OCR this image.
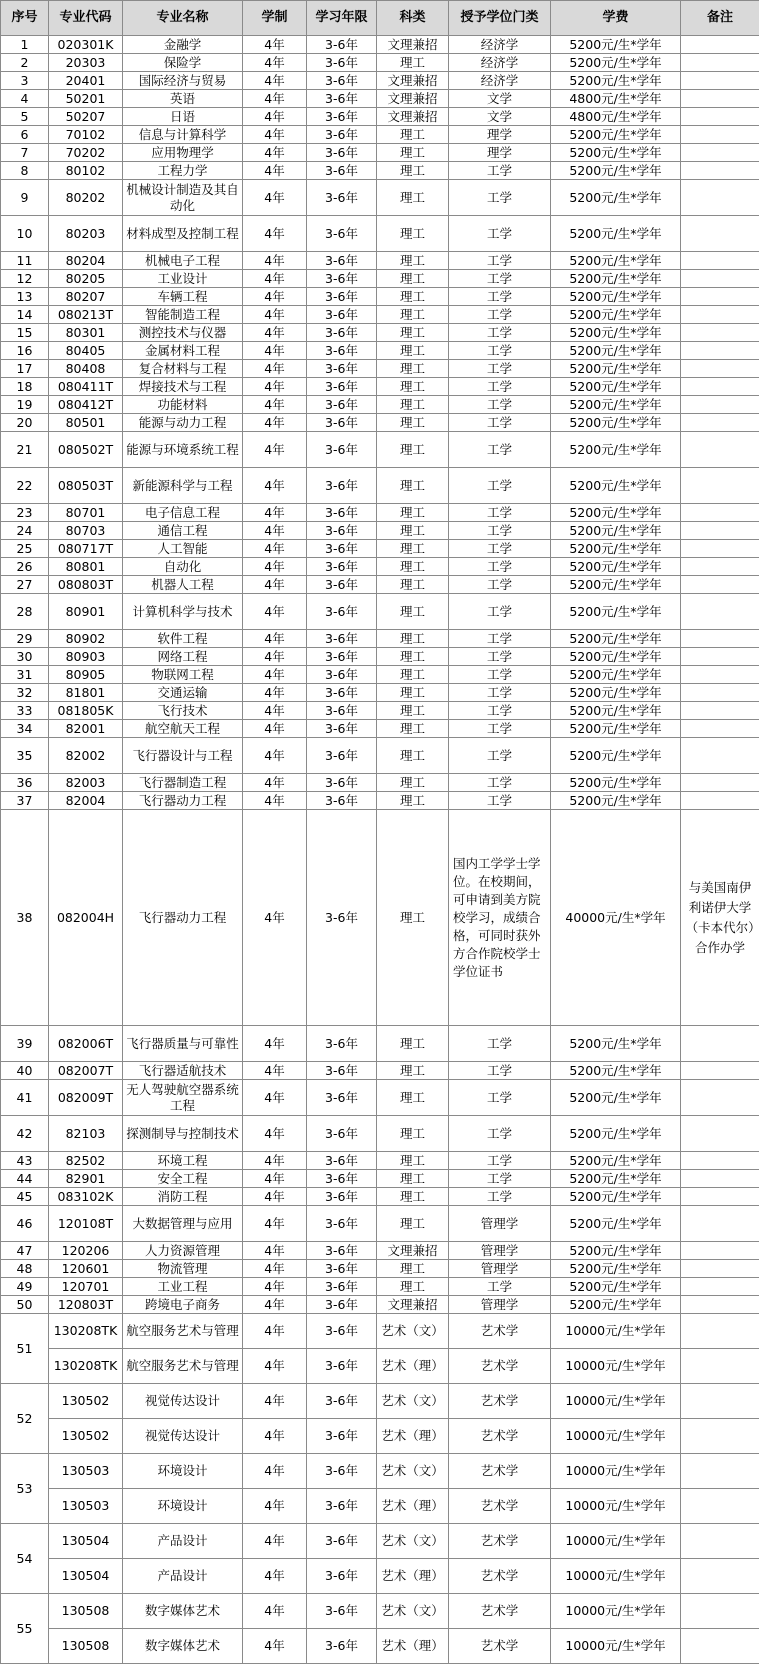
序号	专业代码	专业名称	学制	学习年限	科类	授予学位门类	学费	备注
1	020301K	金融学	4年	3-6年	文理兼招	经济学	5200元/生*学年	
2	20303	保险学	4年	3-6年	理工	经济学	5200元/生*学年	
3	20401	国际经济与贸易	4年	3-6年	文理兼招	经济学	5200元/生*学年	
4	50201	英语	4年	3-6年	文理兼招	文学	4800元/生*学年	
5	50207	日语	4年	3-6年	文理兼招	文学	4800元/生*学年	
6	70102	信息与计算科学	4年	3-6年	理工	理学	5200元/生*学年	
7	70202	应用物理学	4年	3-6年	理工	理学	5200元/生*学年	
8	80102	工程力学	4年	3-6年	理工	工学	5200元/生*学年	
9	80202	机械设计制造及其自动化	4年	3-6年	理工	工学	5200元/生*学年	
10	80203	材料成型及控制工程	4年	3-6年	理工	工学	5200元/生*学年	
11	80204	机械电子工程	4年	3-6年	理工	工学	5200元/生*学年	
12	80205	工业设计	4年	3-6年	理工	工学	5200元/生*学年	
13	80207	车辆工程	4年	3-6年	理工	工学	5200元/生*学年	
14	080213T	智能制造工程	4年	3-6年	理工	工学	5200元/生*学年	
15	80301	测控技术与仪器	4年	3-6年	理工	工学	5200元/生*学年	
16	80405	金属材料工程	4年	3-6年	理工	工学	5200元/生*学年	
17	80408	复合材料与工程	4年	3-6年	理工	工学	5200元/生*学年	
18	080411T	焊接技术与工程	4年	3-6年	理工	工学	5200元/生*学年	
19	080412T	功能材料	4年	3-6年	理工	工学	5200元/生*学年	
20	80501	能源与动力工程	4年	3-6年	理工	工学	5200元/生*学年	
21	080502T	能源与环境系统工程	4年	3-6年	理工	工学	5200元/生*学年	
22	080503T	新能源科学与工程	4年	3-6年	理工	工学	5200元/生*学年	
23	80701	电子信息工程	4年	3-6年	理工	工学	5200元/生*学年	
24	80703	通信工程	4年	3-6年	理工	工学	5200元/生*学年	
25	080717T	人工智能	4年	3-6年	理工	工学	5200元/生*学年	
26	80801	自动化	4年	3-6年	理工	工学	5200元/生*学年	
27	080803T	机器人工程	4年	3-6年	理工	工学	5200元/生*学年	
28	80901	计算机科学与技术	4年	3-6年	理工	工学	5200元/生*学年	
29	80902	软件工程	4年	3-6年	理工	工学	5200元/生*学年	
30	80903	网络工程	4年	3-6年	理工	工学	5200元/生*学年	
31	80905	物联网工程	4年	3-6年	理工	工学	5200元/生*学年	
32	81801	交通运输	4年	3-6年	理工	工学	5200元/生*学年	
33	081805K	飞行技术	4年	3-6年	理工	工学	5200元/生*学年	
34	82001	航空航天工程	4年	3-6年	理工	工学	5200元/生*学年	
35	82002	飞行器设计与工程	4年	3-6年	理工	工学	5200元/生*学年	
36	82003	飞行器制造工程	4年	3-6年	理工	工学	5200元/生*学年	
37	82004	飞行器动力工程	4年	3-6年	理工	工学	5200元/生*学年	
38	082004H	飞行器动力工程	4年	3-6年	理工	国内工学学士学位。在校期间，可申请到美方院校学习，成绩合格，可同时获外方合作院校学士学位证书	40000元/生*学年	与美国南伊利诺伊大学（卡本代尔）合作办学
39	082006T	飞行器质量与可靠性	4年	3-6年	理工	工学	5200元/生*学年	
40	082007T	飞行器适航技术	4年	3-6年	理工	工学	5200元/生*学年	
41	082009T	无人驾驶航空器系统工程	4年	3-6年	理工	工学	5200元/生*学年	
42	82103	探测制导与控制技术	4年	3-6年	理工	工学	5200元/生*学年	
43	82502	环境工程	4年	3-6年	理工	工学	5200元/生*学年	
44	82901	安全工程	4年	3-6年	理工	工学	5200元/生*学年	
45	083102K	消防工程	4年	3-6年	理工	工学	5200元/生*学年	
46	120108T	大数据管理与应用	4年	3-6年	理工	管理学	5200元/生*学年	
47	120206	人力资源管理	4年	3-6年	文理兼招	管理学	5200元/生*学年	
48	120601	物流管理	4年	3-6年	理工	管理学	5200元/生*学年	
49	120701	工业工程	4年	3-6年	理工	工学	5200元/生*学年	
50	120803T	跨境电子商务	4年	3-6年	文理兼招	管理学	5200元/生*学年	
51	130208TK	航空服务艺术与管理	4年	3-6年	艺术（文）	艺术学	10000元/生*学年	
	130208TK	航空服务艺术与管理	4年	3-6年	艺术（理）	艺术学	10000元/生*学年	
52	130502	视觉传达设计	4年	3-6年	艺术（文）	艺术学	10000元/生*学年	
	130502	视觉传达设计	4年	3-6年	艺术（理）	艺术学	10000元/生*学年	
53	130503	环境设计	4年	3-6年	艺术（文）	艺术学	10000元/生*学年	
	130503	环境设计	4年	3-6年	艺术（理）	艺术学	10000元/生*学年	
54	130504	产品设计	4年	3-6年	艺术（文）	艺术学	10000元/生*学年	
	130504	产品设计	4年	3-6年	艺术（理）	艺术学	10000元/生*学年	
55	130508	数字媒体艺术	4年	3-6年	艺术（文）	艺术学	10000元/生*学年	
	130508	数字媒体艺术	4年	3-6年	艺术（理）	艺术学	10000元/生*学年	
